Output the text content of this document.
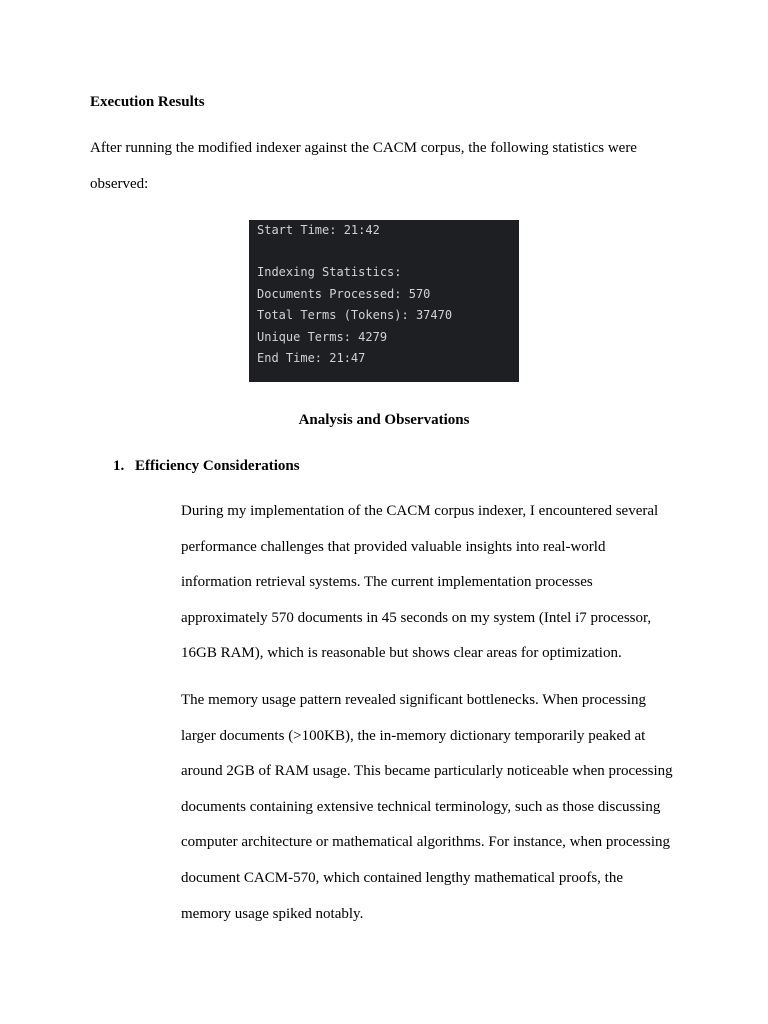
Execution Results
After running the modified indexer against the CACM corpus, the following statistics were
observed:
Start Time: 21:42
Indexing Statistics:
Documents Processed: 570
Total Terms (Tokens): 37470
Unique Terms: 4279
End Time: 21:47
Analysis and Observations
1. Efficiency Considerations
During my implementation of the CACM corpus indexer, I encountered several
performance challenges that provided valuable insights into real-world
information retrieval systems. The current implementation processes
approximately 570 documents in 45 seconds on my system (Intel i7 processor,
16GB RAM), which is reasonable but shows clear areas for optimization.
The memory usage pattern revealed significant bottlenecks. When processing
larger documents (>100KB), the in-memory dictionary temporarily peaked at
around 2GB of RAM usage. This became particularly noticeable when processing
documents containing extensive technical terminology, such as those discussing
computer architecture or mathematical algorithms. For instance, when processing
document CACM-570, which contained lengthy mathematical proofs, the
memory usage spiked notably.
